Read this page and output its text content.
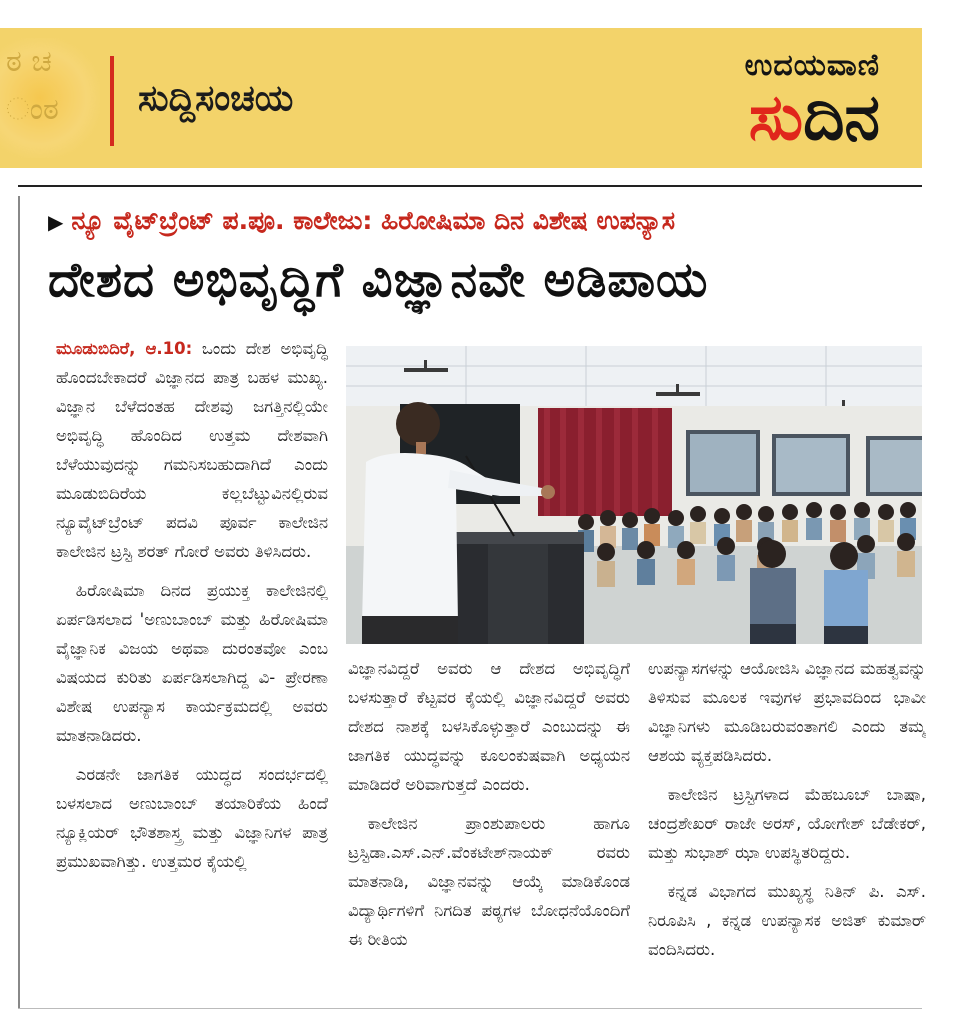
ಠ ಚ
ಂಠ	ಸುದ್ದಿಸಂಚಯ
ಉದಯವಾಣಿ
ಸುದಿನ
▶ ನ್ಯೂ ವೈಟ್‌ಬ್ರೆಂಟ್ ಪ.ಪೂ. ಕಾಲೇಜು: ಹಿರೋಷಿಮಾ ದಿನ ವಿಶೇಷ ಉಪನ್ಯಾಸ
ದೇಶದ ಅಭಿವೃದ್ಧಿಗೆ ವಿಜ್ಞಾನವೇ ಅಡಿಪಾಯ

ಮೂಡುಬಿದಿರೆ, ಆ.10: ಒಂದು ದೇಶ ಅಭಿವೃದ್ಧಿ ಹೊಂದಬೇಕಾದರೆ ವಿಜ್ಞಾನದ ಪಾತ್ರ ಬಹಳ ಮುಖ್ಯ. ವಿಜ್ಞಾನ ಬೆಳೆದಂತಹ ದೇಶವು ಜಗತ್ತಿನಲ್ಲಿಯೇ ಅಭಿವೃದ್ಧಿ ಹೊಂದಿದ ಉತ್ತಮ ದೇಶವಾಗಿ ಬೆಳೆಯುವುದನ್ನು ಗಮನಿಸಬಹುದಾಗಿದೆ ಎಂದು ಮೂಡುಬಿದಿರೆಯ ಕಲ್ಲಬೆಟ್ಟುವಿನಲ್ಲಿರುವ ನ್ಯೂವೈಟ್‌ಬ್ರೆಂಟ್ ಪದವಿ ಪೂರ್ವ ಕಾಲೇಜಿನ ಕಾಲೇಜಿನ ಟ್ರಸ್ಟಿ ಶರತ್ ಗೋರೆ ಅವರು ತಿಳಿಸಿದರು.

ಹಿರೋಷಿಮಾ ದಿನದ ಪ್ರಯುಕ್ತ ಕಾಲೇಜಿನಲ್ಲಿ ಏರ್ಪಡಿಸಲಾದ 'ಅಣುಬಾಂಬ್ ಮತ್ತು ಹಿರೋಷಿಮಾ ವೈಜ್ಞಾನಿಕ ವಿಜಯ ಅಥವಾ ದುರಂತವೋ ಎಂಬ ವಿಷಯದ ಕುರಿತು ಏರ್ಪಡಿಸಲಾಗಿದ್ದ ವಿ- ಪ್ರೇರಣಾ ವಿಶೇಷ ಉಪನ್ಯಾಸ ಕಾರ್ಯಕ್ರಮದಲ್ಲಿ ಅವರು ಮಾತನಾಡಿದರು.

ಎರಡನೇ ಜಾಗತಿಕ ಯುದ್ಧದ ಸಂದರ್ಭದಲ್ಲಿ ಬಳಸಲಾದ ಅಣುಬಾಂಬ್ ತಯಾರಿಕೆಯ ಹಿಂದೆ ನ್ಯೂಕ್ಲಿಯರ್ ಭೌತಶಾಸ್ತ್ರ ಮತ್ತು ವಿಜ್ಞಾನಿಗಳ ಪಾತ್ರ ಪ್ರಮುಖವಾಗಿತ್ತು. ಉತ್ತಮರ ಕೈಯಲ್ಲಿ

ವಿಜ್ಞಾನವಿದ್ದರೆ ಅವರು ಆ ದೇಶದ ಅಭಿವೃದ್ಧಿಗೆ ಬಳಸುತ್ತಾರೆ ಕೆಟ್ಟವರ ಕೈಯಲ್ಲಿ ವಿಜ್ಞಾನವಿದ್ದರೆ ಅವರು ದೇಶದ ನಾಶಕ್ಕೆ ಬಳಸಿಕೊಳ್ಳುತ್ತಾರೆ ಎಂಬುದನ್ನು ಈ ಜಾಗತಿಕ ಯುದ್ಧವನ್ನು ಕೂಲಂಕುಷವಾಗಿ ಅಧ್ಯಯನ ಮಾಡಿದರೆ ಅರಿವಾಗುತ್ತದೆ ಎಂದರು.

ಕಾಲೇಜಿನ ಪ್ರಾಂಶುಪಾಲರು ಹಾಗೂ ಟ್ರಸ್ಟಿಡಾ.ಎಸ್.ಎನ್.ವೆಂಕಟೇಶ್‌ನಾಯಕ್ ರವರು ಮಾತನಾಡಿ, ವಿಜ್ಞಾನವನ್ನು ಆಯ್ಕೆ ಮಾಡಿಕೊಂಡ ವಿದ್ಯಾರ್ಥಿಗಳಿಗೆ ನಿಗದಿತ ಪಠ್ಯಗಳ ಬೋಧನೆಯೊಂದಿಗೆ ಈ ರೀತಿಯ

ಉಪನ್ಯಾಸಗಳನ್ನು ಆಯೋಜಿಸಿ ವಿಜ್ಞಾನದ ಮಹತ್ವವನ್ನು ತಿಳಿಸುವ ಮೂಲಕ ಇವುಗಳ ಪ್ರಭಾವದಿಂದ ಭಾವೀ ವಿಜ್ಞಾನಿಗಳು ಮೂಡಿಬರುವಂತಾಗಲಿ ಎಂದು ತಮ್ಮ ಆಶಯ ವ್ಯಕ್ತಪಡಿಸಿದರು.

ಕಾಲೇಜಿನ ಟ್ರಸ್ಟಿಗಳಾದ ಮೆಹಬೂಬ್ ಬಾಷಾ, ಚಂದ್ರಶೇಖರ್ ರಾಜೇ ಅರಸ್, ಯೋಗೇಶ್ ಬೆಡೇಕರ್, ಮತ್ತು ಸುಭಾಶ್ ಝಾ ಉಪಸ್ಥಿತರಿದ್ದರು.

ಕನ್ನಡ ವಿಭಾಗದ ಮುಖ್ಯಸ್ಥ ನಿತಿನ್ ಪಿ. ಎಸ್. ನಿರೂಪಿಸಿ , ಕನ್ನಡ ಉಪನ್ಯಾಸಕ ಅಜಿತ್ ಕುಮಾರ್ ವಂದಿಸಿದರು.
